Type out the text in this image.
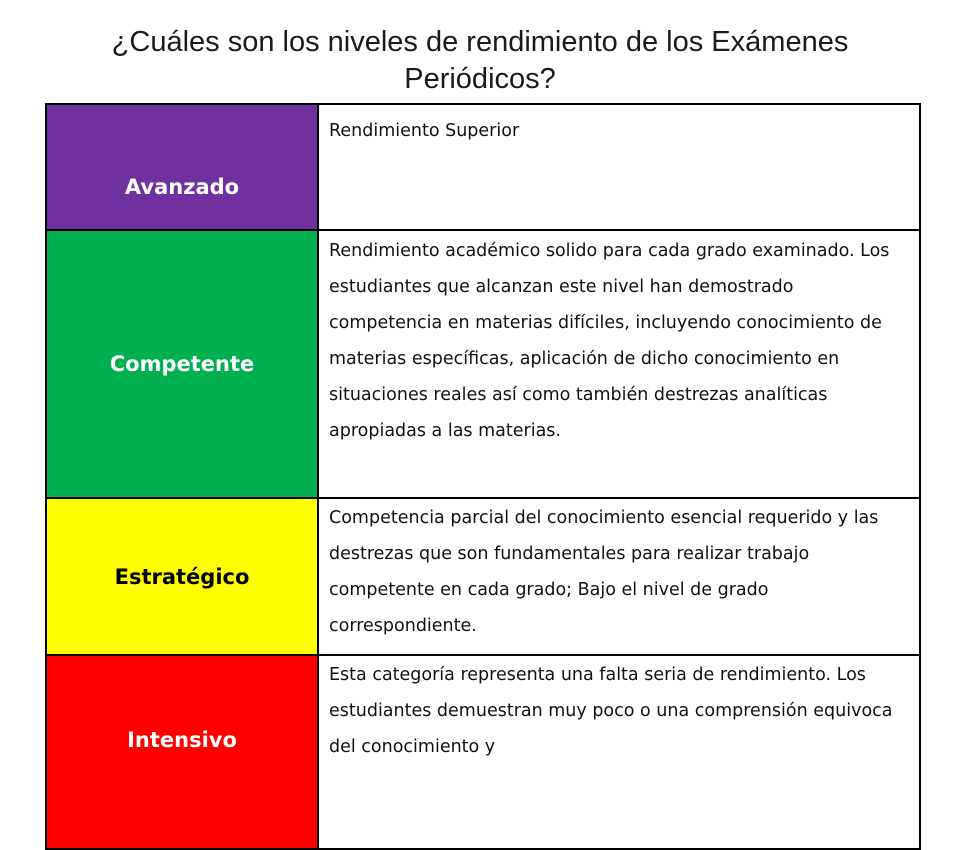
¿Cuáles son los niveles de rendimiento de los Exámenes Periódicos?
Avanzado	Rendimiento Superior
Competente	Rendimiento académico solido para cada grado examinado. Los estudiantes que alcanzan este nivel han demostrado competencia en materias difíciles, incluyendo conocimiento de materias específicas, aplicación de dicho conocimiento en situaciones reales así como también destrezas analíticas apropiadas a las materias.
Estratégico	Competencia parcial del conocimiento esencial requerido y las destrezas que son fundamentales para realizar trabajo competente en cada grado; Bajo el nivel de grado correspondiente.
Intensivo	Esta categoría representa una falta seria de rendimiento. Los estudiantes demuestran muy poco o una comprensión equivoca del conocimiento y
